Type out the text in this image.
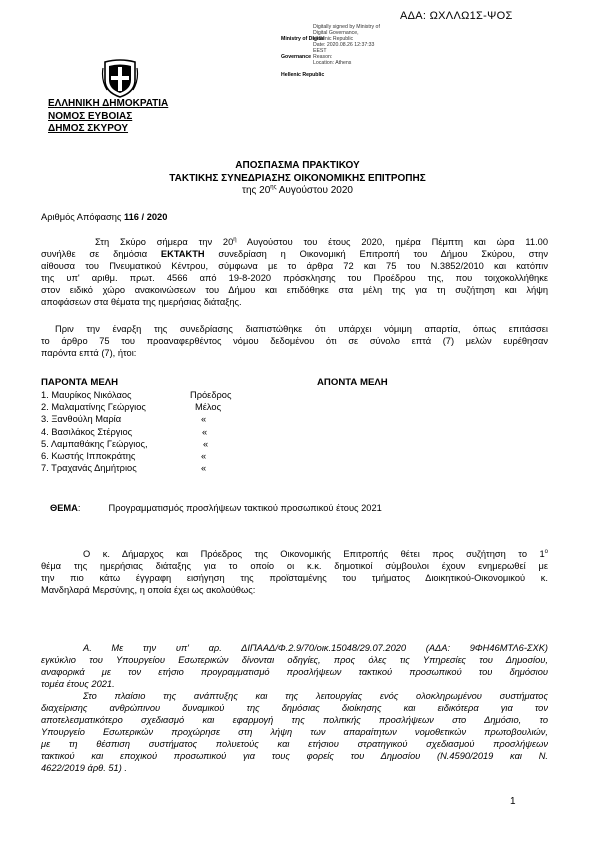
ΑΔΑ: ΩΧΛΛΩ1Σ-ΨΟΣ

Ministry of Digital

Governance

Hellenic Republic

Digitally signed by Ministry of
Digital Governance,
Hellenic Republic
Date: 2020.08.26 12:37:33
EEST
Reason:
Location: Athens
ΕΛΛΗΝΙΚΗ ΔΗΜΟΚΡΑΤΙΑ
ΝΟΜΟΣ ΕΥΒΟΙΑΣ
ΔΗΜΟΣ ΣΚΥΡΟΥ
ΑΠΟΣΠΑΣΜΑ ΠΡΑΚΤΙΚΟΥ
ΤΑΚΤΙΚΗΣ ΣΥΝΕΔΡΙΑΣΗΣ ΟΙΚΟΝΟΜΙΚΗΣ ΕΠΙΤΡΟΠΗΣ
της $20^{\eta\varsigma}$ Αυγούστου 2020
Αριθμός Απόφασης 116 / 2020
Στη Σκύρο σήμερα την $20^\eta$ Αυγούστου του έτους 2020, ημέρα Πέμπτη και ώρα 11.00
συνήλθε σε δημόσια ΕΚΤΑΚΤΗ συνεδρίαση η Οικονομική Επιτροπή του Δήμου Σκύρου, στην
αίθουσα του Πνευματικού Κέντρου, σύμφωνα με το άρθρα 72 και 75 του Ν.3852/2010 και κατόπιν
της υπ' αριθμ. πρωτ. 4566 από 19-8-2020 πρόσκλησης του Προέδρου της, που τοιχοκολλήθηκε
στον ειδικό χώρο ανακοινώσεων του Δήμου και επιδόθηκε στα μέλη της για τη συζήτηση και λήψη
αποφάσεων στα θέματα της ημερήσιας διάταξης.
Πριν την έναρξη της συνεδρίασης διαπιστώθηκε ότι υπάρχει νόμιμη απαρτία, όπως επιτάσσει
το άρθρο 75 του προαναφερθέντος νόμου δεδομένου ότι σε σύνολο επτά (7) μελών ευρέθησαν
παρόντα επτά (7), ήτοι:
ΠΑΡΟΝΤΑ ΜΕΛΗ	ΑΠΟΝΤΑ ΜΕΛΗ
1. Μαυρίκος Νικόλαος	Πρόεδρος
2. Μαλαματίνης Γεώργιος	Μέλος
3. Ξανθούλη Μαρία	«
4. Βασιλάκος Στέργιος	«
5. Λαμπαθάκης Γεώργιος,	«
6. Κωστής Ιπποκράτης	«
7. Τραχανάς Δημήτριος	«
ΘΕΜΑ:	Προγραμματισμός προσλήψεων τακτικού προσωπικού έτους 2021
Ο κ. Δήμαρχος και Πρόεδρος της Οικονομικής Επιτροπής θέτει προς συζήτηση το $1^o$
θέμα της ημερήσιας διάταξης για το οποίο οι κ.κ. δημοτικοί σύμβουλοι έχουν ενημερωθεί με
την πιο κάτω έγγραφη εισήγηση της προϊσταμένης του τμήματος Διοικητικού-Οικονομικού κ.
Μανδηλαρά Μερσύνης, η οποία έχει ως ακολούθως:
Α. Με την υπ' αρ. ΔΙΠΑΑΔ/Φ.2.9/70/οικ.15048/29.07.2020 (ΑΔΑ: 9ΦΗ46ΜΤΛ6-ΣΧΚ)
εγκύκλιο του Υπουργείου Εσωτερικών δίνονται οδηγίες, προς όλες τις Υπηρεσίες του Δημοσίου,
αναφορικά με τον ετήσιο προγραμματισμό προσλήψεων τακτικού προσωπικού του δημόσιου
τομέα έτους 2021.
Στο πλαίσιο της ανάπτυξης και της λειτουργίας ενός ολοκληρωμένου συστήματος
διαχείρισης ανθρώπινου δυναμικού της δημόσιας διοίκησης και ειδικότερα για τον
αποτελεσματικότερο σχεδιασμό και εφαρμογή της πολιτικής προσλήψεων στο Δημόσιο, το
Υπουργείο Εσωτερικών προχώρησε στη λήψη των απαραίτητων νομοθετικών πρωτοβουλιών,
με τη θέσπιση συστήματος πολυετούς και ετήσιου στρατηγικού σχεδιασμού προσλήψεων
τακτικού και εποχικού προσωπικού για τους φορείς του Δημοσίου (Ν.4590/2019 και Ν.
4622/2019 άρθ. 51) .
1
